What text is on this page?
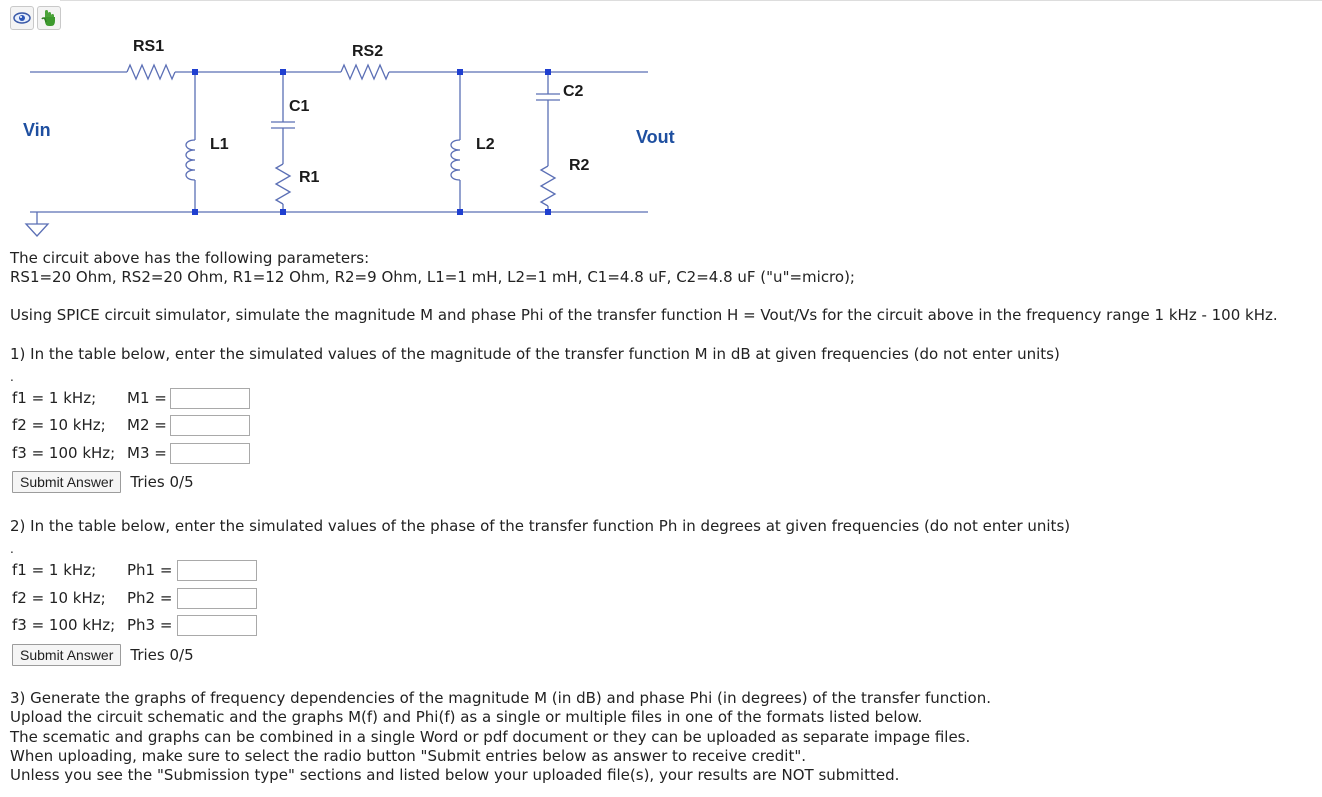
RS1	RS2
C1
C2
L1	L2
R1
R2
Vin	Vout

The circuit above has the following parameters:

RS1=20 Ohm, RS2=20 Ohm, R1=12 Ohm, R2=9 Ohm, L1=1 mH, L2=1 mH, C1=4.8 uF, C2=4.8 uF ("u"=micro);

Using SPICE circuit simulator, simulate the magnitude M and phase Phi of the transfer function H = Vout/Vs for the circuit above in the frequency range 1 kHz - 100 kHz.

1) In the table below, enter the simulated values of the magnitude of the transfer function M in dB at given frequencies (do not enter units)

.
f1 = 1 kHz;	M1 =
f2 = 10 kHz;	M2 =
f3 = 100 kHz; M3 =
Submit Answer	Tries 0/5

2) In the table below, enter the simulated values of the phase of the transfer function Ph in degrees at given frequencies (do not enter units)

.
f1 = 1 kHz;	Ph1 =
f2 = 10 kHz;	Ph2 =
f3 = 100 kHz; Ph3 =
Submit Answer	Tries 0/5

3) Generate the graphs of frequency dependencies of the magnitude M (in dB) and phase Phi (in degrees) of the transfer function.

Upload the circuit schematic and the graphs M(f) and Phi(f) as a single or multiple files in one of the formats listed below.

The scematic and graphs can be combined in a single Word or pdf document or they can be uploaded as separate impage files.

When uploading, make sure to select the radio button "Submit entries below as answer to receive credit".

Unless you see the "Submission type" sections and listed below your uploaded file(s), your results are NOT submitted.
